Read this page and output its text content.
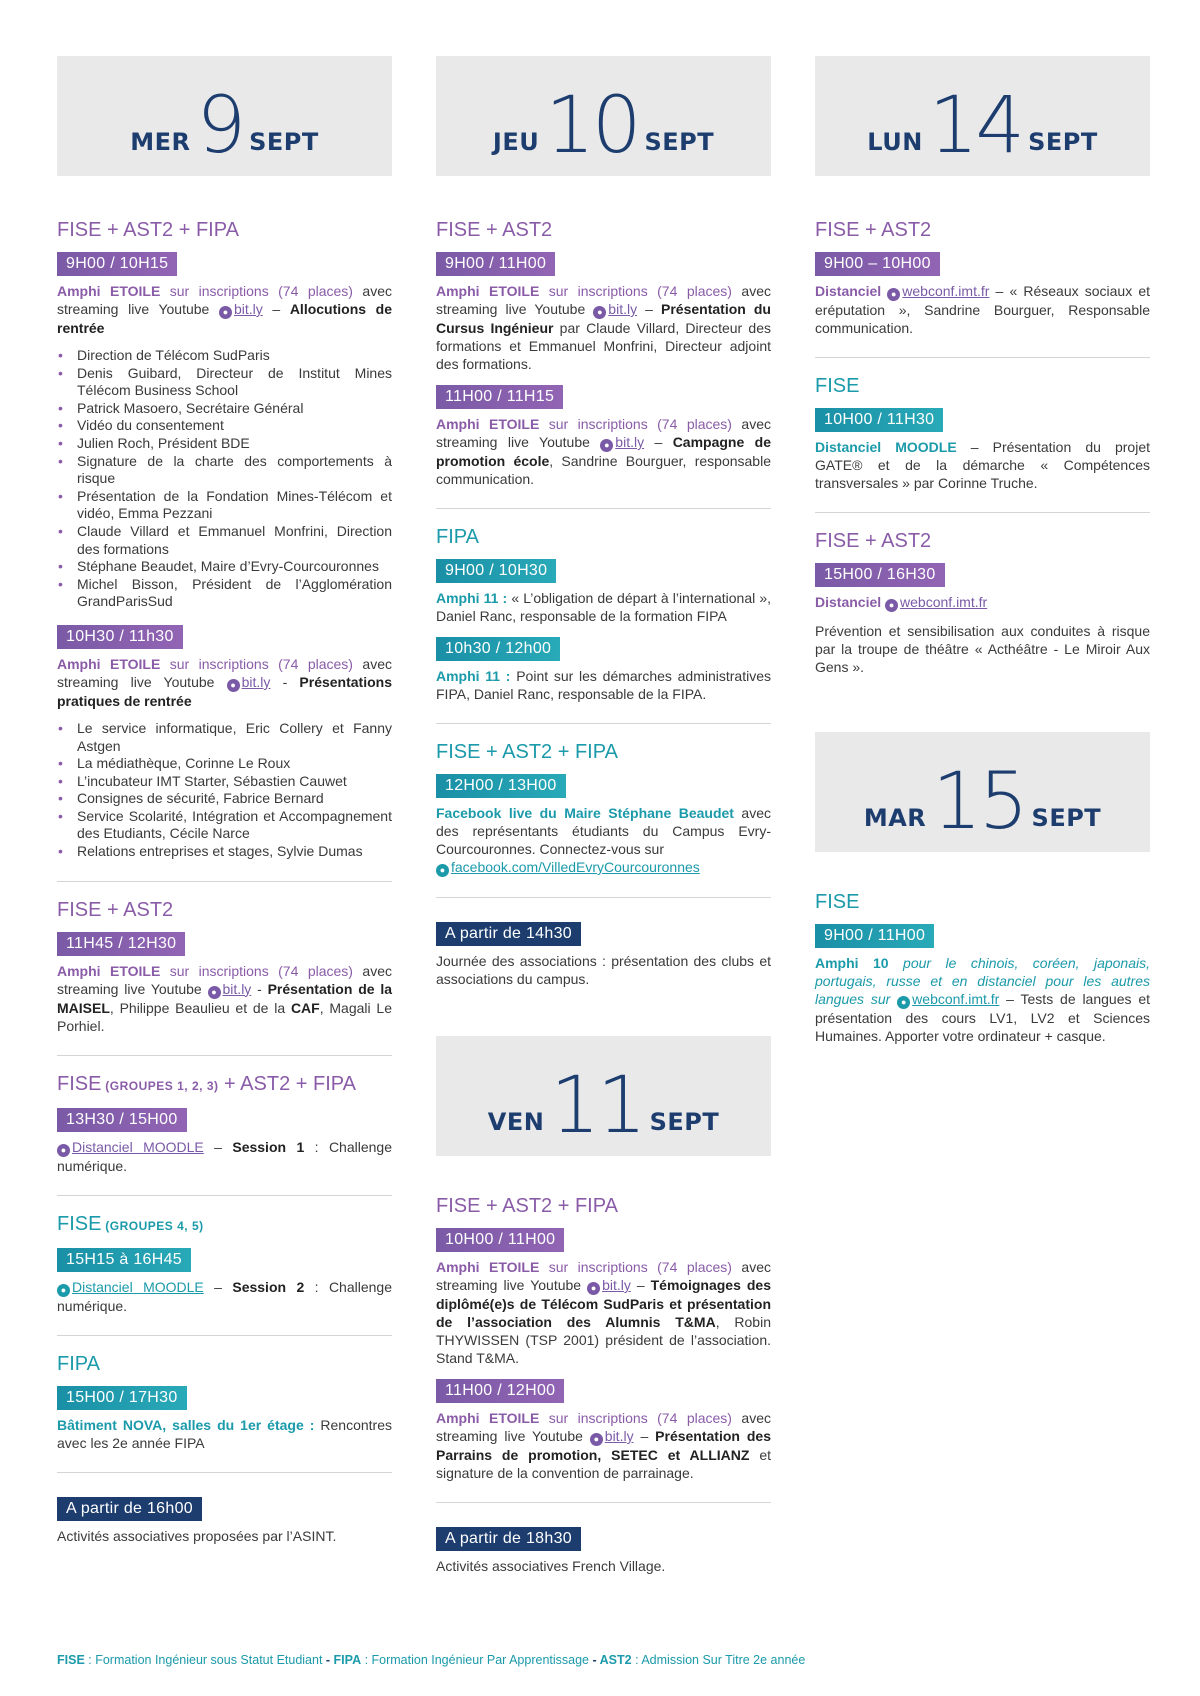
MER 9 SEPT
FISE + AST2 + FIPA
9H00 / 10H15

Amphi ETOILE sur inscriptions (74 places) avec streaming live Youtube ● bit.ly – Allocutions de rentrée

• Direction de Télécom SudParis
• Denis Guibard, Directeur de Institut Mines Télécom Business School
• Patrick Masoero, Secrétaire Général
• Vidéo du consentement
• Julien Roch, Président BDE
• Signature de la charte des comportements à risque
• Présentation de la Fondation Mines-Télécom et vidéo, Emma Pezzani
• Claude Villard et Emmanuel Monfrini, Direction des formations
• Stéphane Beaudet, Maire d’Evry-Courcouronnes
• Michel Bisson, Président de l’Agglomération GrandParisSud
10H30 / 11h30

Amphi ETOILE sur inscriptions (74 places) avec streaming live Youtube ● bit.ly - Présentations pratiques de rentrée

• Le service informatique, Eric Collery et Fanny Astgen
• La médiathèque, Corinne Le Roux
• L’incubateur IMT Starter, Sébastien Cauwet
• Consignes de sécurité, Fabrice Bernard
• Service Scolarité, Intégration et Accompagnement des Etudiants, Cécile Narce
• Relations entreprises et stages, Sylvie Dumas
FISE + AST2
11H45 / 12H30

Amphi ETOILE sur inscriptions (74 places) avec streaming live Youtube ● bit.ly - Présentation de la MAISEL, Philippe Beaulieu et de la CAF, Magali Le Porhiel.

FISE (GROUPES 1, 2, 3) + AST2 + FIPA
13H30 / 15H00

● Distanciel MOODLE – Session 1 : Challenge numérique.

FISE (GROUPES 4, 5)
15H15 à 16H45

● Distanciel MOODLE – Session 2 : Challenge numérique.

FIPA
15H00 / 17H30

Bâtiment NOVA, salles du 1er étage : Rencontres avec les 2e année FIPA

A partir de 16h00

Activités associatives proposées par l’ASINT.

JEU 10 SEPT
FISE + AST2
9H00 / 11H00

Amphi ETOILE sur inscriptions (74 places) avec streaming live Youtube ● bit.ly – Présentation du Cursus Ingénieur par Claude Villard, Directeur des formations et Emmanuel Monfrini, Directeur adjoint des formations.

11H00 / 11H15

Amphi ETOILE sur inscriptions (74 places) avec streaming live Youtube ● bit.ly – Campagne de promotion école, Sandrine Bourguer, responsable communication.

FIPA
9H00 / 10H30

Amphi 11 : « L’obligation de départ à l’international », Daniel Ranc, responsable de la formation FIPA

10h30 / 12h00

Amphi 11 : Point sur les démarches administratives FIPA, Daniel Ranc, responsable de la FIPA.

FISE + AST2 + FIPA
12H00 / 13H00

Facebook live du Maire Stéphane Beaudet avec des représentants étudiants du Campus Evry-Courcouronnes. Connectez-vous sur
● facebook.com/VilledEvryCourcouronnes

A partir de 14h30

Journée des associations : présentation des clubs et associations du campus.

VEN 11 SEPT
FISE + AST2 + FIPA
10H00 / 11H00

Amphi ETOILE sur inscriptions (74 places) avec streaming live Youtube ● bit.ly – Témoignages des diplômé(e)s de Télécom SudParis et présentation de l’association des Alumnis T&MA, Robin THYWISSEN (TSP 2001) président de l’association. Stand T&MA.

11H00 / 12H00

Amphi ETOILE sur inscriptions (74 places) avec streaming live Youtube ● bit.ly – Présentation des Parrains de promotion, SETEC et ALLIANZ et signature de la convention de parrainage.

A partir de 18h30

Activités associatives French Village.

LUN 14 SEPT
FISE + AST2
9H00 – 10H00

Distanciel ● webconf.imt.fr – « Réseaux sociaux et eréputation », Sandrine Bourguer, Responsable communication.

FISE
10H00 / 11H30

Distanciel MOODLE – Présentation du projet GATE® et de la démarche « Compétences transversales » par Corinne Truche.

FISE + AST2
15H00 / 16H30

Distanciel ● webconf.imt.fr

Prévention et sensibilisation aux conduites à risque par la troupe de théâtre « Acthéâtre - Le Miroir Aux Gens ».

MAR 15 SEPT
FISE
9H00 / 11H00

Amphi 10 pour le chinois, coréen, japonais, portugais, russe et en distanciel pour les autres langues sur ● webconf.imt.fr – Tests de langues et présentation des cours LV1, LV2 et Sciences Humaines. Apporter votre ordinateur + casque.

FISE : Formation Ingénieur sous Statut Etudiant - FIPA : Formation Ingénieur Par Apprentissage - AST2 : Admission Sur Titre 2e année
